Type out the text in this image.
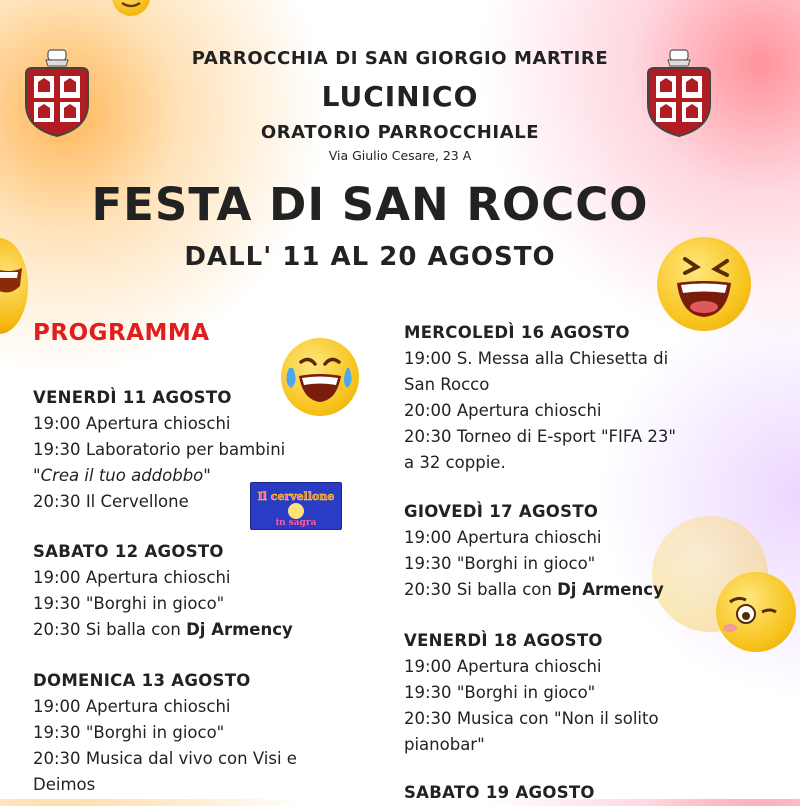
PARROCCHIA DI SAN GIORGIO MARTIRE
LUCINICO
ORATORIO PARROCCHIALE
Via Giulio Cesare, 23 A
FESTA DI SAN ROCCO
DALL' 11 AL 20 AGOSTO
PROGRAMMA
VENERDÌ 11 AGOSTO
19:00 Apertura chioschi
19:30 Laboratorio per bambini
"Crea il tuo addobbo"
20:30 Il Cervellone	Il cervellone
in sagra
SABATO 12 AGOSTO
19:00 Apertura chioschi
19:30 "Borghi in gioco"
20:30 Si balla con Dj Armency
DOMENICA 13 AGOSTO
19:00 Apertura chioschi
19:30 "Borghi in gioco"
20:30 Musica dal vivo con Visi e
Deimos
MERCOLEDÌ 16 AGOSTO
19:00 S. Messa alla Chiesetta di
San Rocco
20:00 Apertura chioschi
20:30 Torneo di E-sport "FIFA 23"
a 32 coppie.
GIOVEDÌ 17 AGOSTO
19:00 Apertura chioschi
19:30 "Borghi in gioco"
20:30 Si balla con Dj Armency
VENERDÌ 18 AGOSTO
19:00 Apertura chioschi
19:30 "Borghi in gioco"
20:30 Musica con "Non il solito
pianobar"
SABATO 19 AGOSTO
